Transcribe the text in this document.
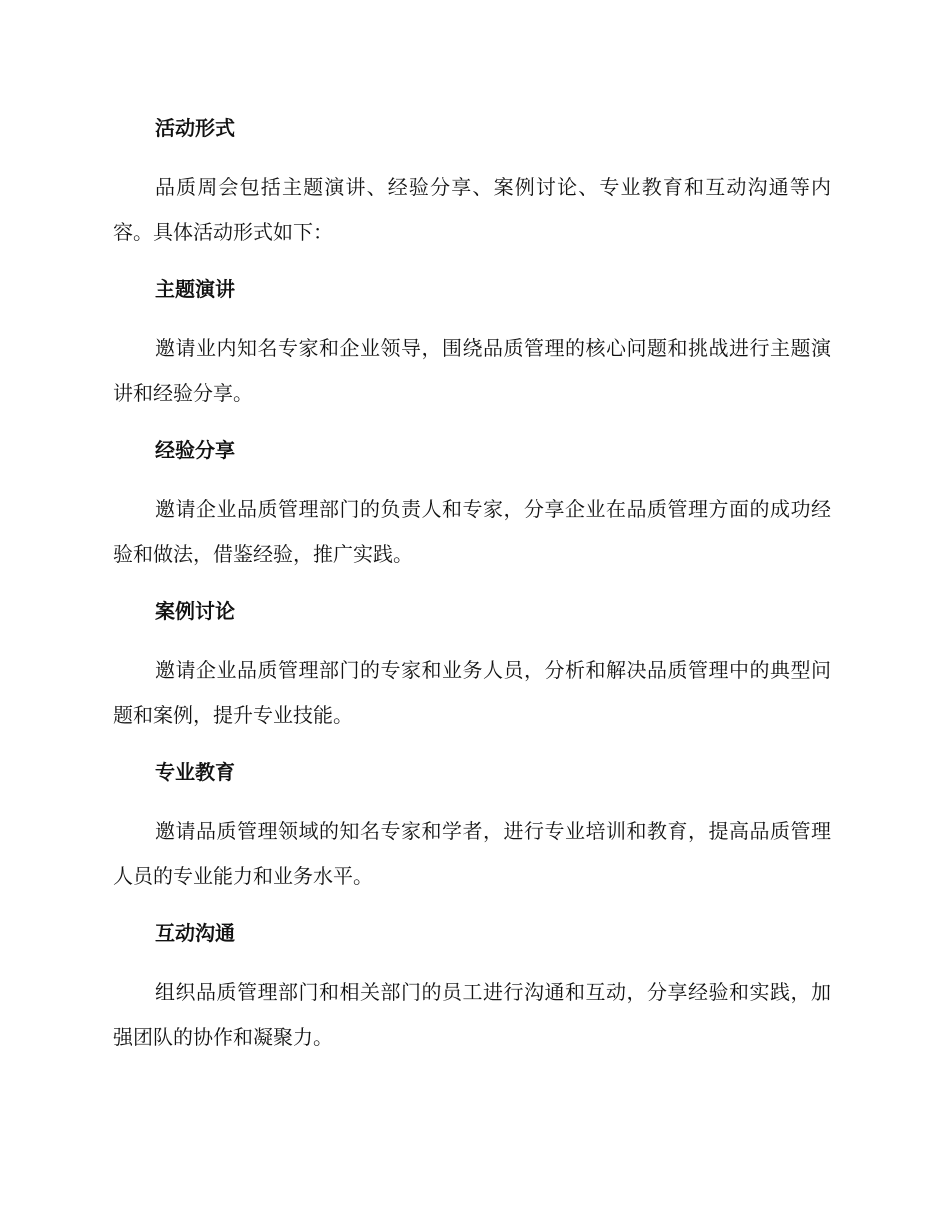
活动形式

品质周会包括主题演讲、经验分享、案例讨论、专业教育和互动沟通等内容。具体活动形式如下：

主题演讲

邀请业内知名专家和企业领导，围绕品质管理的核心问题和挑战进行主题演讲和经验分享。

经验分享

邀请企业品质管理部门的负责人和专家，分享企业在品质管理方面的成功经验和做法，借鉴经验，推广实践。

案例讨论

邀请企业品质管理部门的专家和业务人员，分析和解决品质管理中的典型问题和案例，提升专业技能。

专业教育

邀请品质管理领域的知名专家和学者，进行专业培训和教育，提高品质管理人员的专业能力和业务水平。

互动沟通

组织品质管理部门和相关部门的员工进行沟通和互动，分享经验和实践，加强团队的协作和凝聚力。
